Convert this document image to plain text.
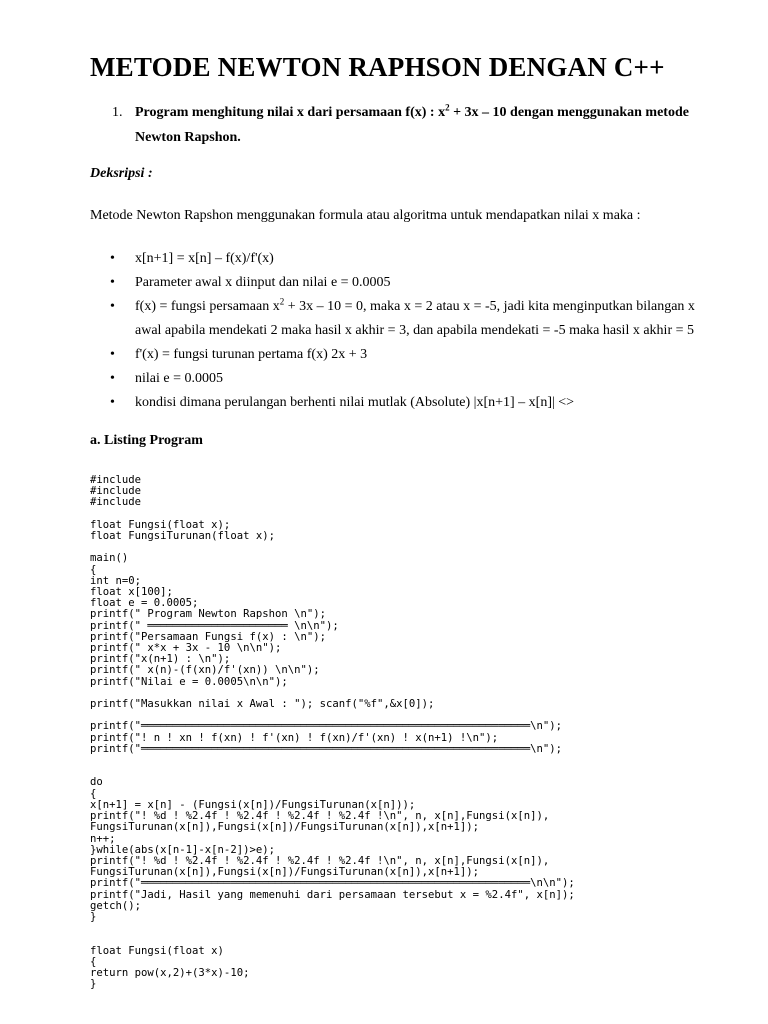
METODE NEWTON RAPHSON DENGAN C++
1. Program menghitung nilai x dari persamaan f(x) : $x^2 + 3x - 10$ dengan menggunakan metode Newton Rapshon.
Deksripsi :
Metode Newton Rapshon menggunakan formula atau algoritma untuk mendapatkan nilai x maka :
• x[n+1] = x[n] – f(x)/f'(x)
• Parameter awal x diinput dan nilai e = 0.0005
• f(x) = fungsi persamaan $x^2 + 3x - 10 = 0$, maka x = 2 atau x = -5, jadi kita menginputkan bilangan x awal apabila mendekati 2 maka hasil x akhir = 3, dan apabila mendekati = -5 maka hasil x akhir = 5
• f'(x) = fungsi turunan pertama f(x) 2x + 3
• nilai e = 0.0005
• kondisi dimana perulangan berhenti nilai mutlak (Absolute) |x[n+1] – x[n]| <>
a. Listing Program
#include
#include
#include

float Fungsi(float x);
float FungsiTurunan(float x);

main()
{
int n=0;
float x[100];
float e = 0.0005;
printf(" Program Newton Rapshon \n");
printf(" ══════════════════════ \n\n");
printf("Persamaan Fungsi f(x) : \n");
printf(" x*x + 3x - 10 \n\n");
printf("x(n+1) : \n");
printf(" x(n)-(f(xn)/f'(xn)) \n\n");
printf("Nilai e = 0.0005\n\n");

printf("Masukkan nilai x Awal : "); scanf("%f",&x[0]);

printf("═════════════════════════════════════════════════════════════\n");
printf("! n ! xn ! f(xn) ! f'(xn) ! f(xn)/f'(xn) ! x(n+1) !\n");
printf("═════════════════════════════════════════════════════════════\n");

do
{
x[n+1] = x[n] - (Fungsi(x[n])/FungsiTurunan(x[n]));
printf("! %d ! %2.4f ! %2.4f ! %2.4f ! %2.4f !\n", n, x[n],Fungsi(x[n]),
FungsiTurunan(x[n]),Fungsi(x[n])/FungsiTurunan(x[n]),x[n+1]);
n++;
}while(abs(x[n-1]-x[n-2])>e);
printf("! %d ! %2.4f ! %2.4f ! %2.4f ! %2.4f !\n", n, x[n],Fungsi(x[n]),
FungsiTurunan(x[n]),Fungsi(x[n])/FungsiTurunan(x[n]),x[n+1]);
printf("═════════════════════════════════════════════════════════════\n\n");
printf("Jadi, Hasil yang memenuhi dari persamaan tersebut x = %2.4f", x[n]);
getch();
}

float Fungsi(float x)
{
return pow(x,2)+(3*x)-10;
}
